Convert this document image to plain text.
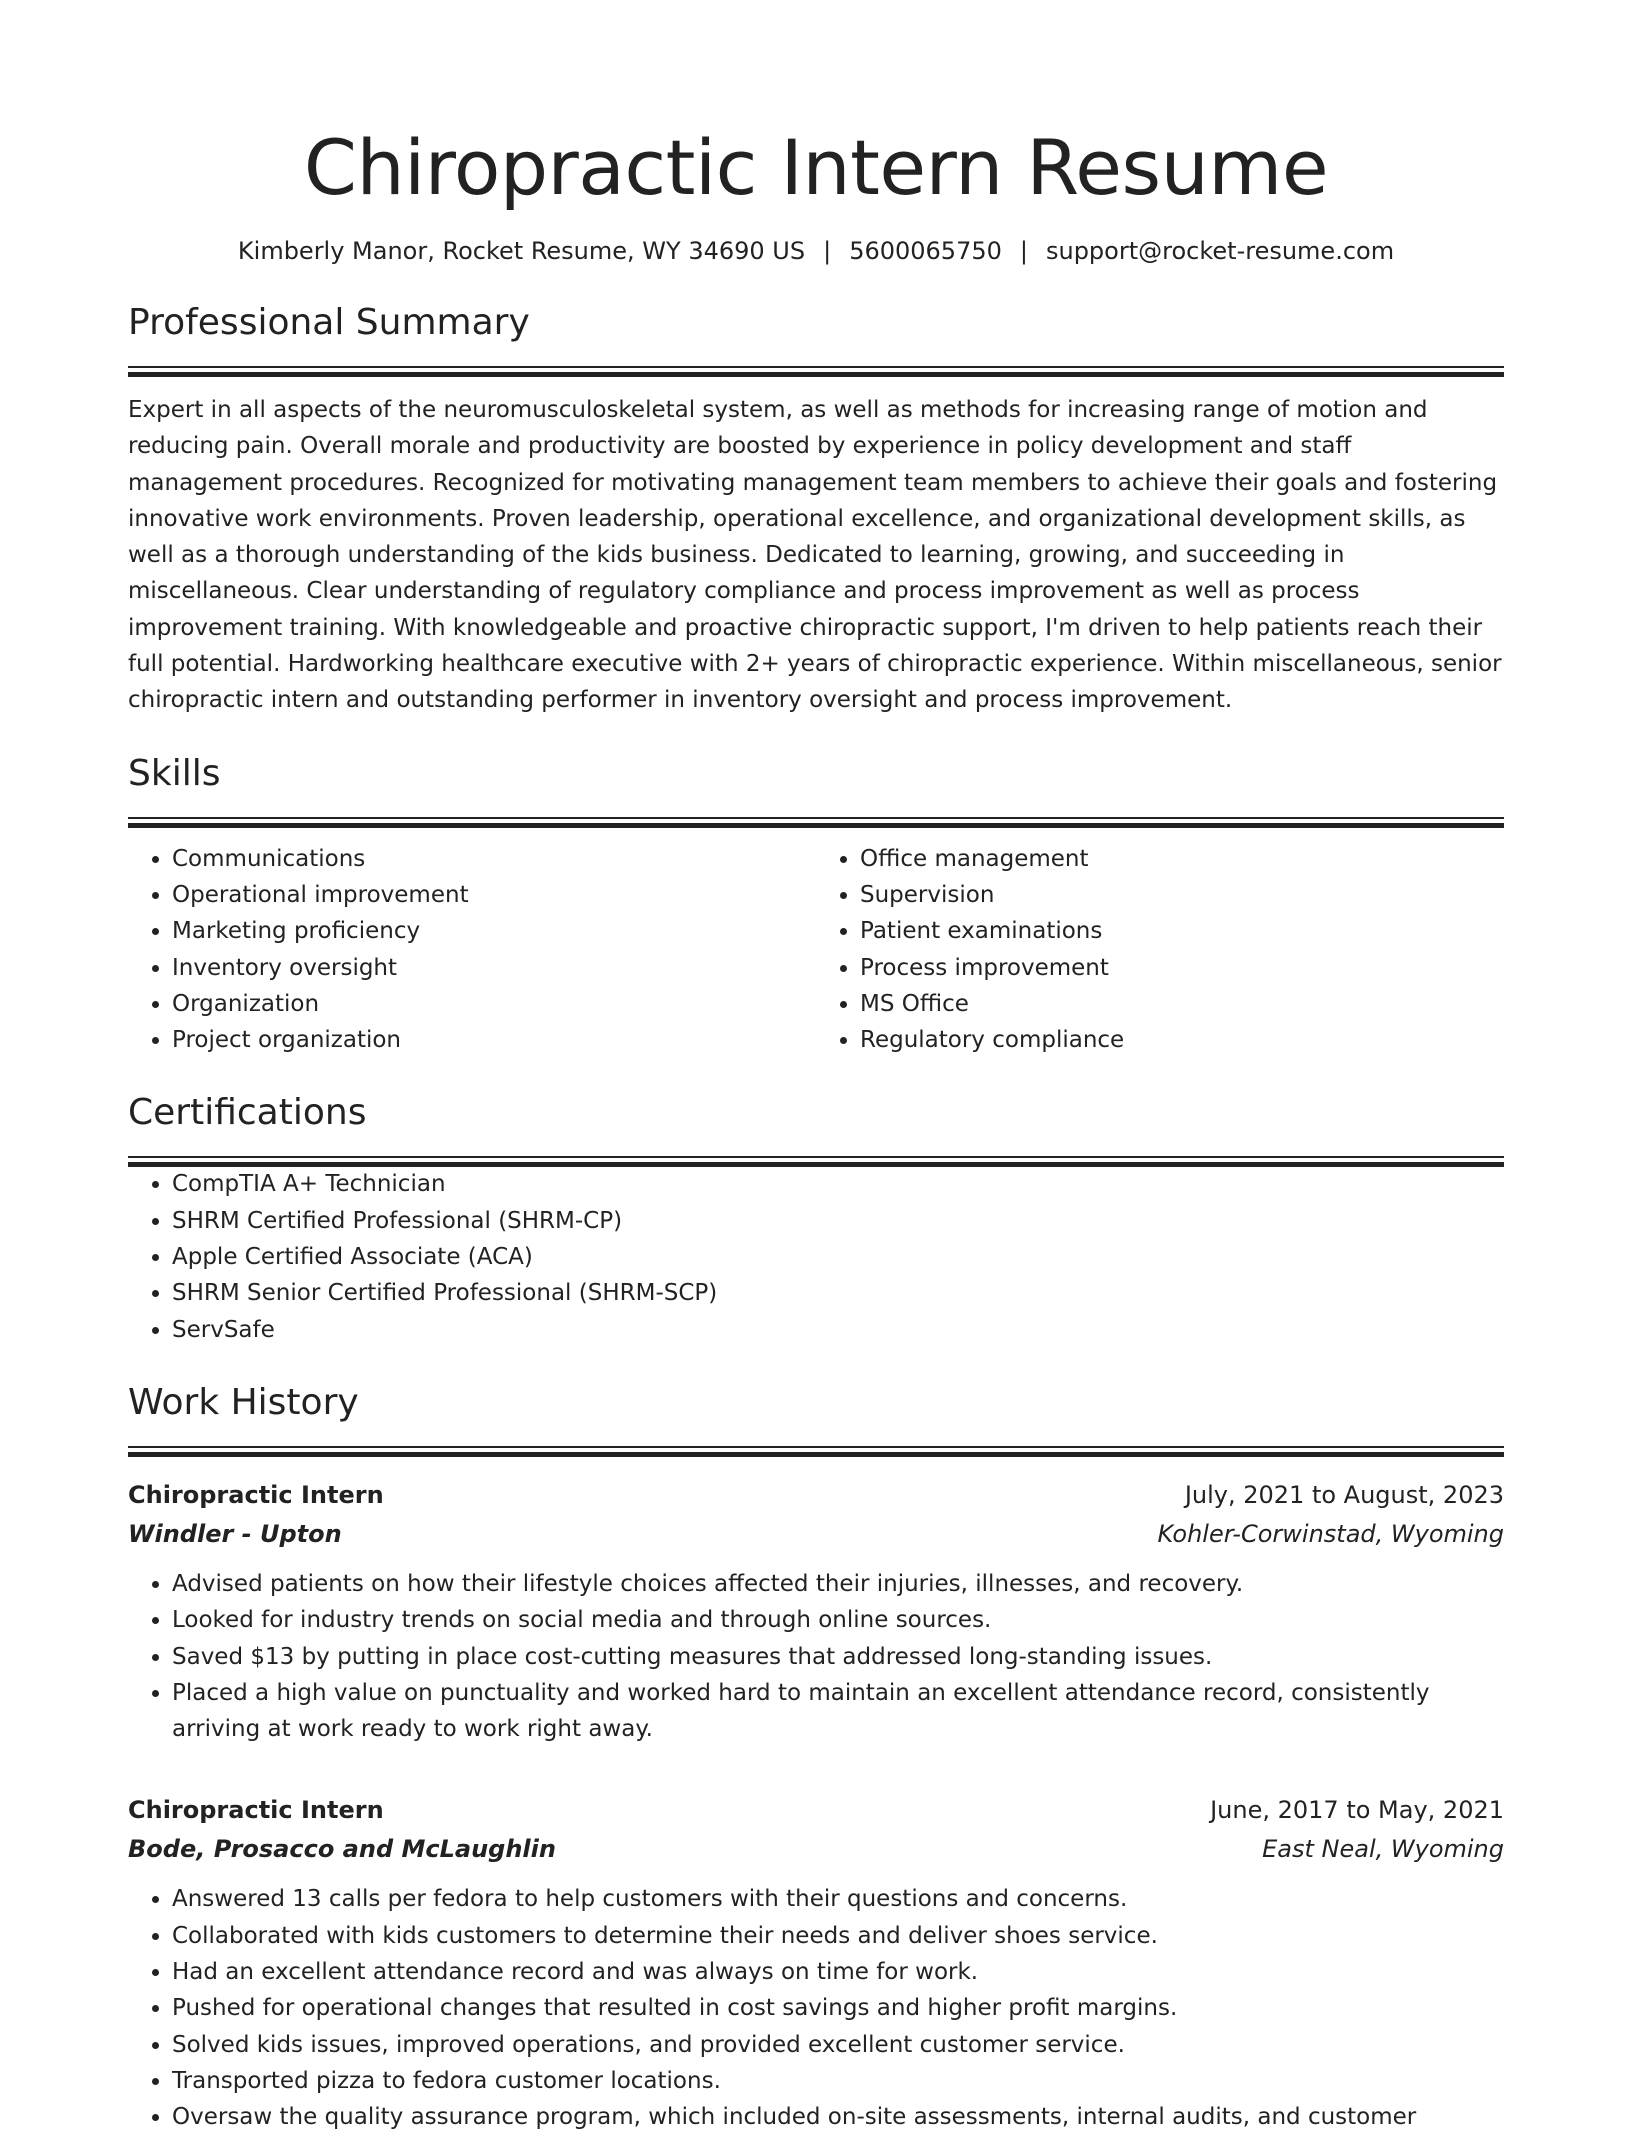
Chiropractic Intern Resume
Kimberly Manor, Rocket Resume, WY 34690 US | 5600065750 | support@rocket-resume.com
Professional Summary

Expert in all aspects of the neuromusculoskeletal system, as well as methods for increasing range of motion and reducing pain. Overall morale and productivity are boosted by experience in policy development and staff management procedures. Recognized for motivating management team members to achieve their goals and fostering innovative work environments. Proven leadership, operational excellence, and organizational development skills, as well as a thorough understanding of the kids business. Dedicated to learning, growing, and succeeding in miscellaneous. Clear understanding of regulatory compliance and process improvement as well as process improvement training. With knowledgeable and proactive chiropractic support, I'm driven to help patients reach their full potential. Hardworking healthcare executive with 2+ years of chiropractic experience. Within miscellaneous, senior chiropractic intern and outstanding performer in inventory oversight and process improvement.

Skills
• Communications
• Operational improvement
• Marketing proficiency
• Inventory oversight
• Organization
• Project organization
• Office management
• Supervision
• Patient examinations
• Process improvement
• MS Office
• Regulatory compliance
Certifications
• CompTIA A+ Technician
• SHRM Certified Professional (SHRM-CP)
• Apple Certified Associate (ACA)
• SHRM Senior Certified Professional (SHRM-SCP)
• ServSafe
Work History
Chiropractic Intern	July, 2021 to August, 2023
Windler - Upton	Kohler-Corwinstad, Wyoming
• Advised patients on how their lifestyle choices affected their injuries, illnesses, and recovery.
• Looked for industry trends on social media and through online sources.
• Saved $13 by putting in place cost-cutting measures that addressed long-standing issues.
• Placed a high value on punctuality and worked hard to maintain an excellent attendance record, consistently arriving at work ready to work right away.
Chiropractic Intern	June, 2017 to May, 2021
Bode, Prosacco and McLaughlin	East Neal, Wyoming
• Answered 13 calls per fedora to help customers with their questions and concerns.
• Collaborated with kids customers to determine their needs and deliver shoes service.
• Had an excellent attendance record and was always on time for work.
• Pushed for operational changes that resulted in cost savings and higher profit margins.
• Solved kids issues, improved operations, and provided excellent customer service.
• Transported pizza to fedora customer locations.
• Oversaw the quality assurance program, which included on-site assessments, internal audits, and customer
